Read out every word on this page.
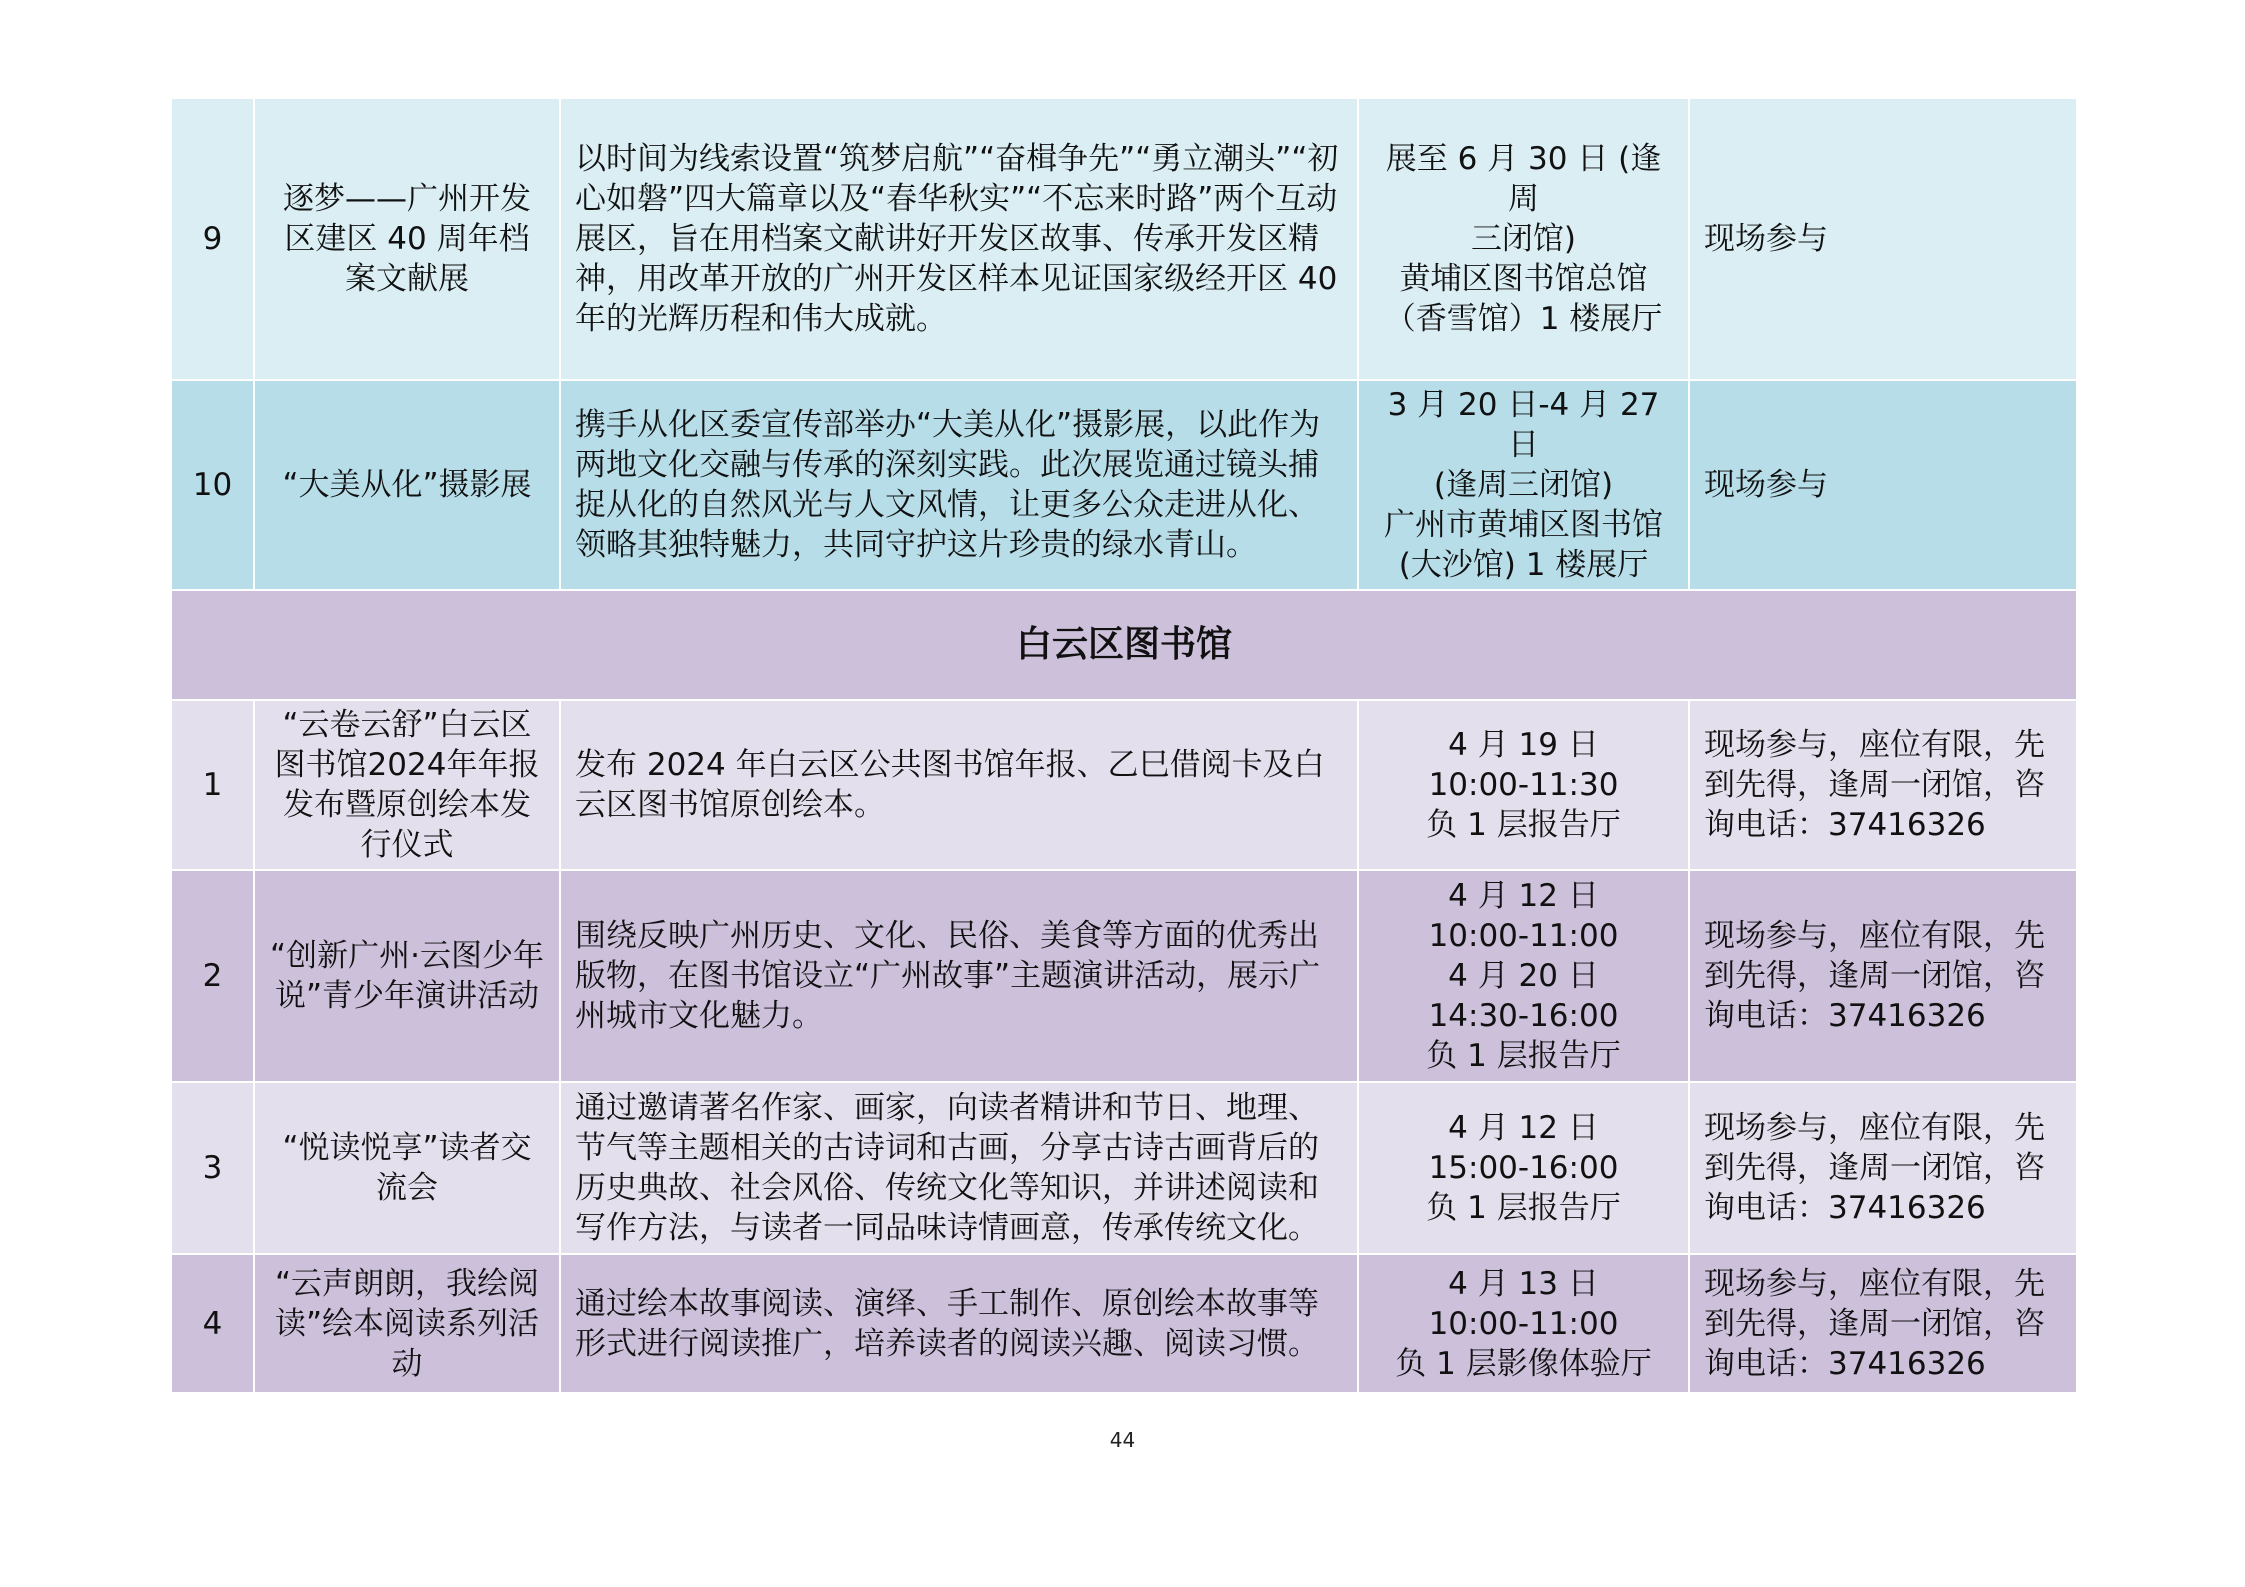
9	逐梦——广州开发区建区 40 周年档案文献展	以时间为线索设置“筑梦启航”“奋楫争先”“勇立潮头”“初心如磐”四大篇章以及“春华秋实”“不忘来时路”两个互动展区，旨在用档案文献讲好开发区故事、传承开发区精神，用改革开放的广州开发区样本见证国家级经开区 40 年的光辉历程和伟大成就。	展至 6 月 30 日 (逢周
三闭馆)
黄埔区图书馆总馆
（香雪馆）1 楼展厅	现场参与
10	“大美从化”摄影展	携手从化区委宣传部举办“大美从化”摄影展，以此作为两地文化交融与传承的深刻实践。此次展览通过镜头捕捉从化的自然风光与人文风情，让更多公众走进从化、领略其独特魅力，共同守护这片珍贵的绿水青山。	3 月 20 日-4 月 27 日
(逢周三闭馆)
广州市黄埔区图书馆
(大沙馆) 1 楼展厅	现场参与
白云区图书馆				
1	“云卷云舒”白云区图书馆2024年年报发布暨原创绘本发行仪式	发布 2024 年白云区公共图书馆年报、乙巳借阅卡及白云区图书馆原创绘本。	4 月 19 日
10:00-11:30
负 1 层报告厅	现场参与，座位有限，先到先得，逢周一闭馆，咨询电话：37416326
2	“创新广州·云图少年说”青少年演讲活动	围绕反映广州历史、文化、民俗、美食等方面的优秀出版物，在图书馆设立“广州故事”主题演讲活动，展示广州城市文化魅力。	4 月 12 日
10:00-11:00
4 月 20 日
14:30-16:00
负 1 层报告厅	现场参与，座位有限，先到先得，逢周一闭馆，咨询电话：37416326
3	“悦读悦享”读者交流会	通过邀请著名作家、画家，向读者精讲和节日、地理、节气等主题相关的古诗词和古画，分享古诗古画背后的历史典故、社会风俗、传统文化等知识，并讲述阅读和写作方法，与读者一同品味诗情画意，传承传统文化。	4 月 12 日
15:00-16:00
负 1 层报告厅	现场参与，座位有限，先到先得，逢周一闭馆，咨询电话：37416326
4	“云声朗朗，我绘阅读”绘本阅读系列活动	通过绘本故事阅读、演绎、手工制作、原创绘本故事等形式进行阅读推广，培养读者的阅读兴趣、阅读习惯。	4 月 13 日
10:00-11:00
负 1 层影像体验厅	现场参与，座位有限，先到先得，逢周一闭馆，咨询电话：37416326
44
